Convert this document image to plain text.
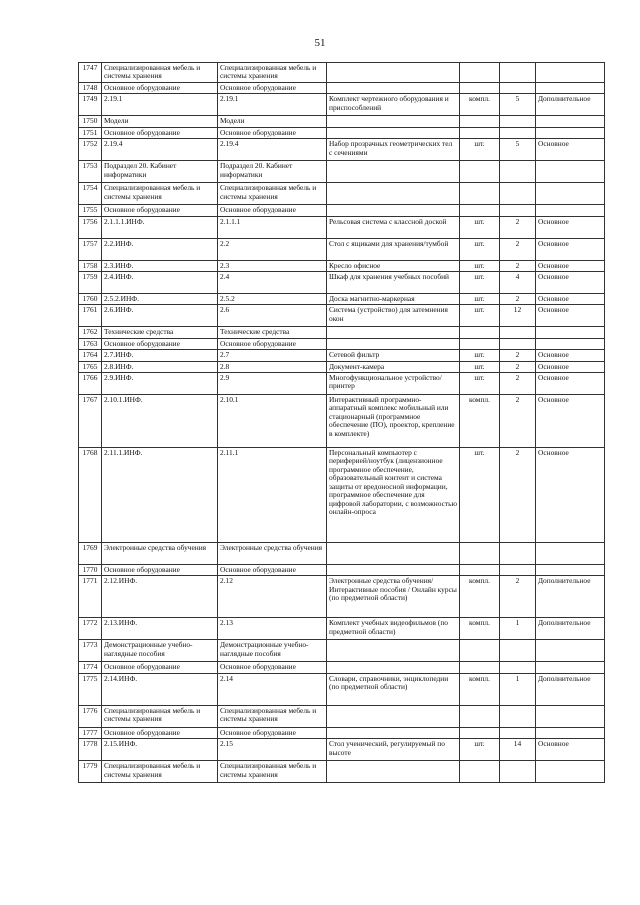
51
1747	Специализированная мебель и системы хранения	Специализированная мебель и системы хранения				
1748	Основное оборудование	Основное оборудование				
1749	2.19.1	2.19.1	Комплект чертежного оборудования и приспособлений	компл.	5	Дополнительное
1750	Модели	Модели				
1751	Основное оборудование	Основное оборудование				
1752	2.19.4	2.19.4	Набор прозрачных геометрических тел с сечениями	шт.	5	Основное
1753	Подраздел 20. Кабинет информатики	Подраздел 20. Кабинет информатики				
1754	Специализированная мебель и системы хранения	Специализированная мебель и системы хранения				
1755	Основное оборудование	Основное оборудование				
1756	2.1.1.1.ИНФ.	2.1.1.1	Рельсовая система с классной доской	шт.	2	Основное
1757	2.2.ИНФ.	2.2	Стол с ящиками для хранения/тумбой	шт.	2	Основное
1758	2.3.ИНФ.	2.3	Кресло офисное	шт.	2	Основное
1759	2.4.ИНФ.	2.4	Шкаф для хранения учебных пособий	шт.	4	Основное
1760	2.5.2.ИНФ.	2.5.2	Доска магнитно-маркерная	шт.	2	Основное
1761	2.6.ИНФ.	2.6	Система (устройство) для затемнения окон	шт.	12	Основное
1762	Технические средства	Технические средства				
1763	Основное оборудование	Основное оборудование				
1764	2.7.ИНФ.	2.7	Сетевой фильтр	шт.	2	Основное
1765	2.8.ИНФ.	2.8	Документ-камера	шт.	2	Основное
1766	2.9.ИНФ.	2.9	Многофункциональное устройство/принтер	шт.	2	Основное
1767	2.10.1.ИНФ.	2.10.1	Интерактивный программно-аппаратный комплекс мобильный или стационарный (программное обеспечение (ПО), проектор, крепление в комплекте)	компл.	2	Основное
1768	2.11.1.ИНФ.	2.11.1	Персональный компьютер с периферией/ноутбук (лицензионное программное обеспечение, образовательный контент и система защиты от вредоносной информации, программное обеспечение для цифровой лаборатории, с возможностью онлайн-опроса	шт.	2	Основное
1769	Электронные средства обучения	Электронные средства обучения				
1770	Основное оборудование	Основное оборудование				
1771	2.12.ИНФ.	2.12	Электронные средства обучения/Интерактивные пособия / Онлайн курсы (по предметной области)	компл.	2	Дополнительное
1772	2.13.ИНФ.	2.13	Комплект учебных видеофильмов (по предметной области)	компл.	1	Дополнительное
1773	Демонстрационные учебно-наглядные пособия	Демонстрационные учебно-наглядные пособия				
1774	Основное оборудование	Основное оборудование				
1775	2.14.ИНФ.	2.14	Словари, справочники, энциклопедии (по предметной области)	компл.	1	Дополнительное
1776	Специализированная мебель и системы хранения	Специализированная мебель и системы хранения				
1777	Основное оборудование	Основное оборудование				
1778	2.15.ИНФ.	2.15	Стол ученический, регулируемый по высоте	шт.	14	Основное
1779	Специализированная мебель и системы хранения	Специализированная мебель и системы хранения				
